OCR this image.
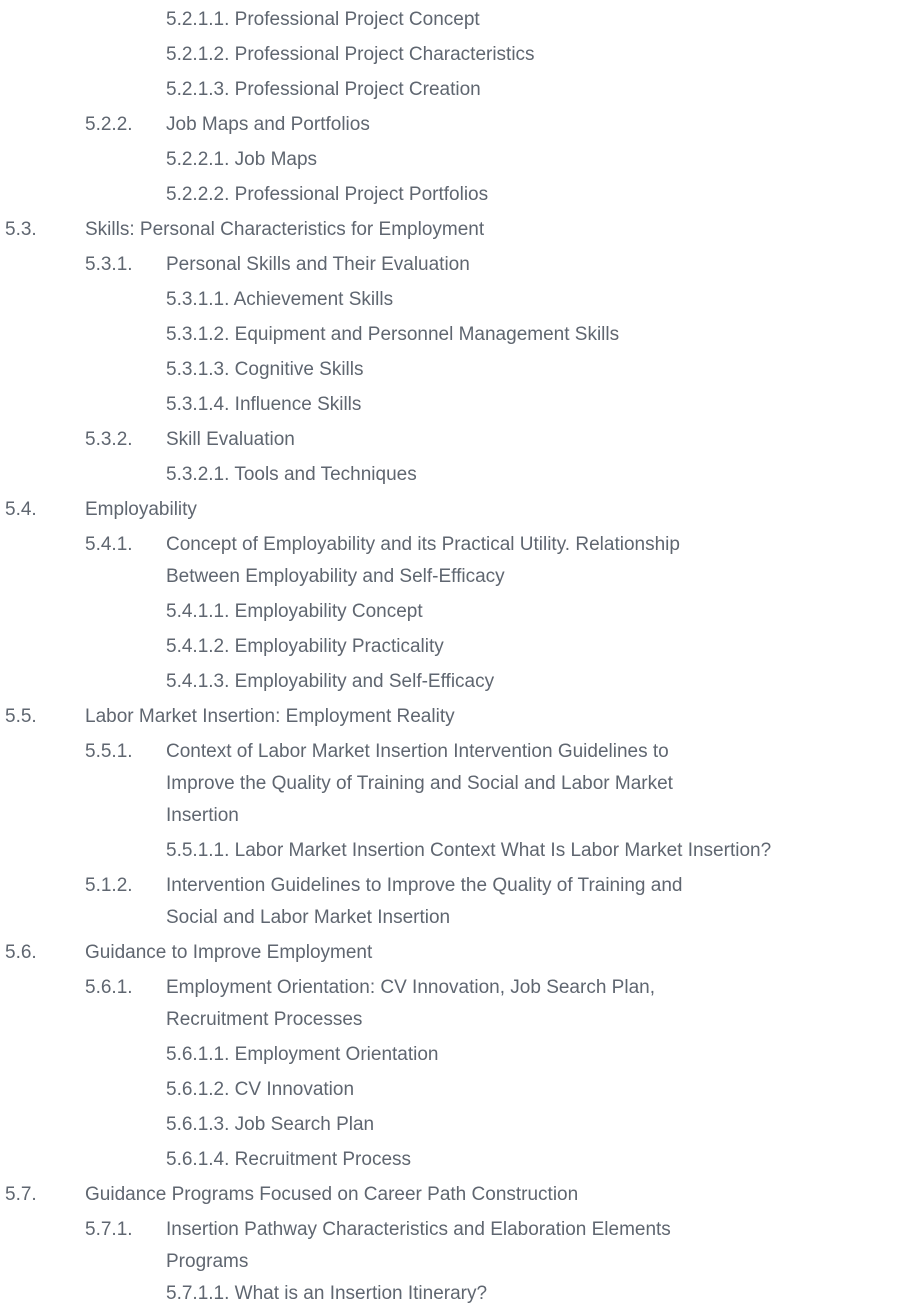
5.2.1.1. Professional Project Concept
5.2.1.2. Professional Project Characteristics
5.2.1.3. Professional Project Creation
5.2.2.	Job Maps and Portfolios
5.2.2.1. Job Maps
5.2.2.2. Professional Project Portfolios
5.3.	Skills: Personal Characteristics for Employment
5.3.1.	Personal Skills and Their Evaluation
5.3.1.1. Achievement Skills
5.3.1.2. Equipment and Personnel Management Skills
5.3.1.3. Cognitive Skills
5.3.1.4. Influence Skills
5.3.2.	Skill Evaluation
5.3.2.1. Tools and Techniques
5.4.	Employability
5.4.1.	Concept of Employability and its Practical Utility. Relationship Between Employability and Self-Efficacy
5.4.1.1. Employability Concept
5.4.1.2. Employability Practicality
5.4.1.3. Employability and Self-Efficacy
5.5.	Labor Market Insertion: Employment Reality
5.5.1.	Context of Labor Market Insertion Intervention Guidelines to Improve the Quality of Training and Social and Labor Market Insertion
5.5.1.1. Labor Market Insertion Context What Is Labor Market Insertion?
5.1.2.	Intervention Guidelines to Improve the Quality of Training and Social and Labor Market Insertion
5.6.	Guidance to Improve Employment
5.6.1.	Employment Orientation: CV Innovation, Job Search Plan, Recruitment Processes
5.6.1.1. Employment Orientation
5.6.1.2. CV Innovation
5.6.1.3. Job Search Plan
5.6.1.4. Recruitment Process
5.7.	Guidance Programs Focused on Career Path Construction
5.7.1.	Insertion Pathway Characteristics and Elaboration Elements Programs
5.7.1.1. What is an Insertion Itinerary?
